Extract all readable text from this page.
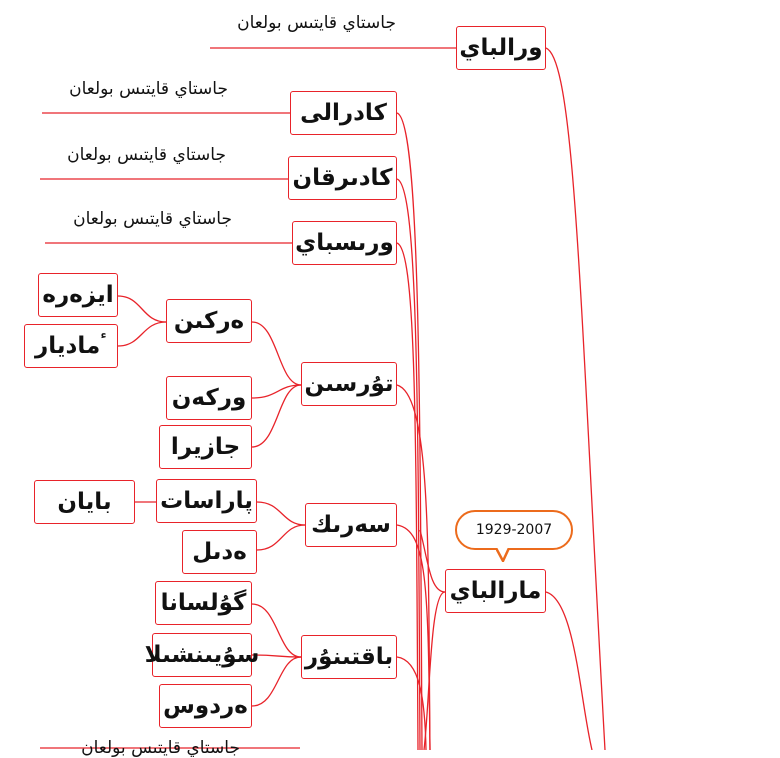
ورالباي
كادرالى
كادىرقان
ورىسباي
تۇرسىن
سەرىك
باقتىنۇر
مارالباي
ەركىن
وركەن
جازيرا
ايزەرە
ٴماديار
پاراسات
ەدىل
بايان
گۇلسانا
سۇيىنشىلا
ەردوس
جاستاي قايتىس بولعان
جاستاي قايتىس بولعان
جاستاي قايتىس بولعان
جاستاي قايتىس بولعان
جاستاي قايتىس بولعان
1929-2007
